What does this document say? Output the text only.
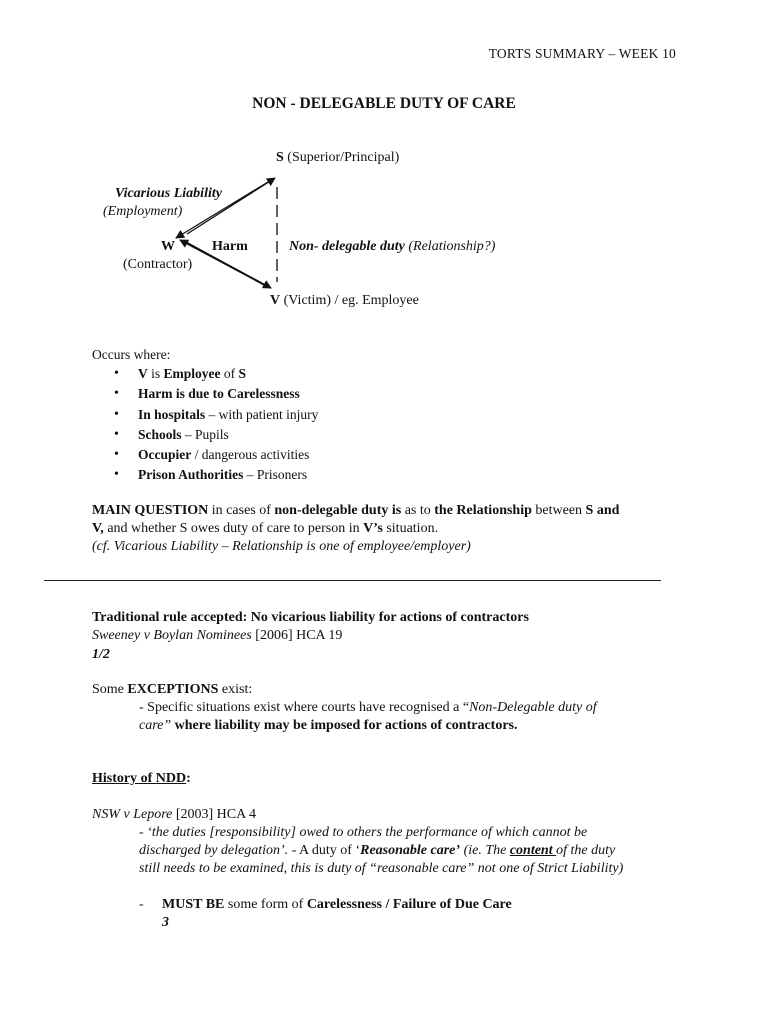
TORTS SUMMARY – WEEK 10
NON - DELEGABLE DUTY OF CARE
S (Superior/Principal)
Vicarious Liability
(Employment)
W	Harm	Non- delegable duty (Relationship?)
(Contractor)
V (Victim) / eg. Employee
Occurs where:
• V is Employee of S
• Harm is due to Carelessness
• In hospitals – with patient injury
• Schools – Pupils
• Occupier / dangerous activities
• Prison Authorities – Prisoners
MAIN QUESTION in cases of non-delegable duty is as to the Relationship between S and
V, and whether S owes duty of care to person in V’s situation.
(cf. Vicarious Liability – Relationship is one of employee/employer)
Traditional rule accepted: No vicarious liability for actions of contractors
Sweeney v Boylan Nominees [2006] HCA 19
1/2
Some EXCEPTIONS exist:
- Specific situations exist where courts have recognised a “Non-Delegable duty of
care” where liability may be imposed for actions of contractors.
History of NDD:
NSW v Lepore [2003] HCA 4
- ‘the duties [responsibility] owed to others the performance of which cannot be
discharged by delegation’. - A duty of ‘Reasonable care’ (ie. The content of the duty
still needs to be examined, this is duty of “reasonable care” not one of Strict Liability)
- MUST BE some form of Carelessness / Failure of Due Care
3
